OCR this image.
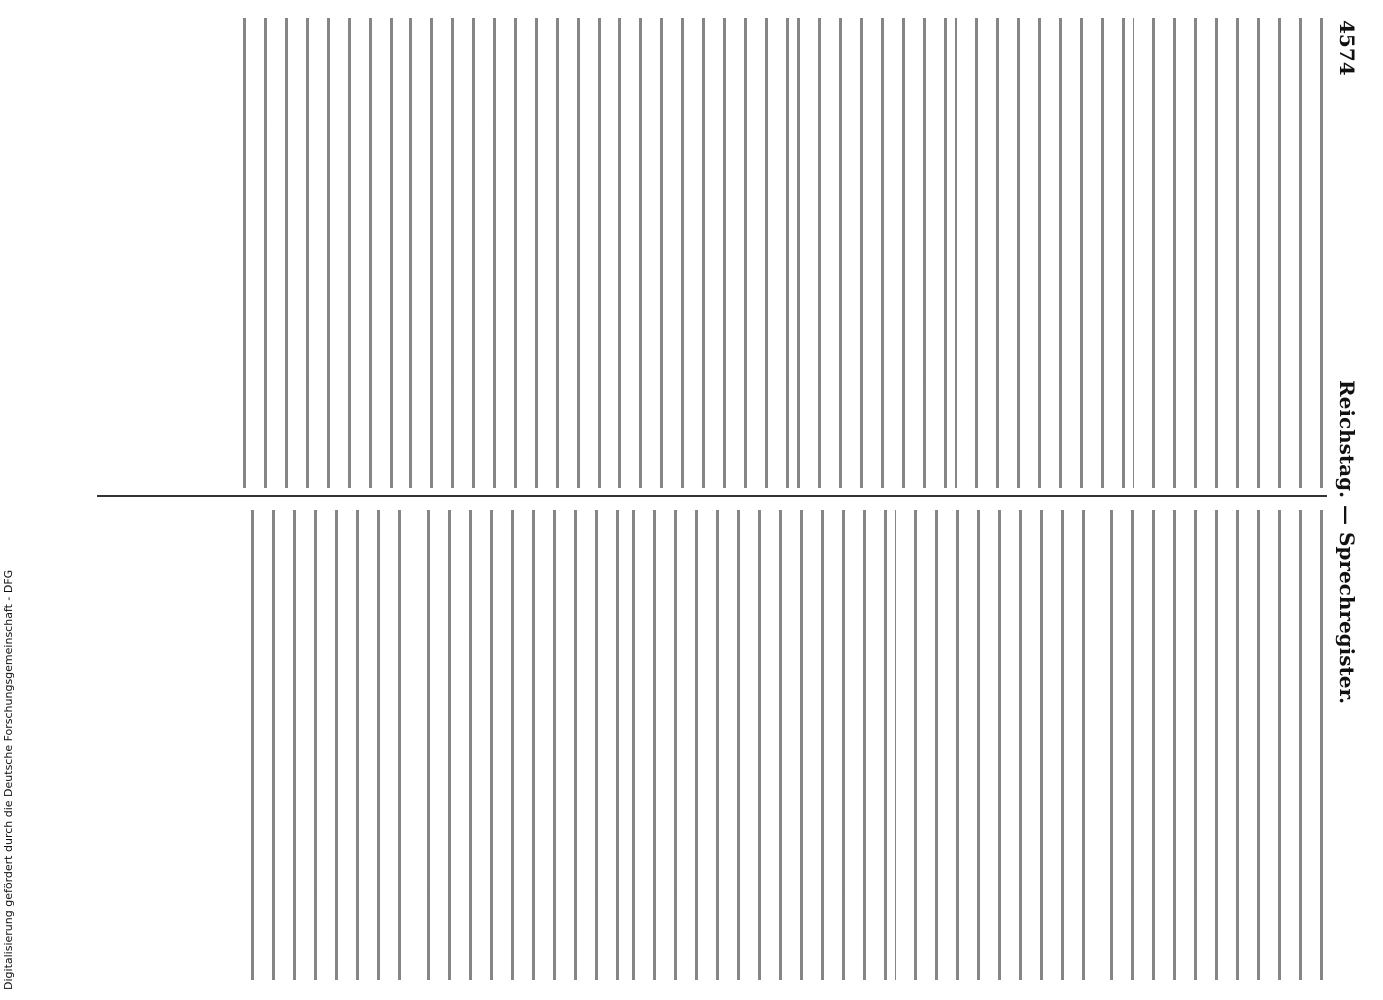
4574
Reichstag. — Sprechregister.
Digitalisierung gefördert durch die Deutsche Forschungsgemeinschaft - DFG
